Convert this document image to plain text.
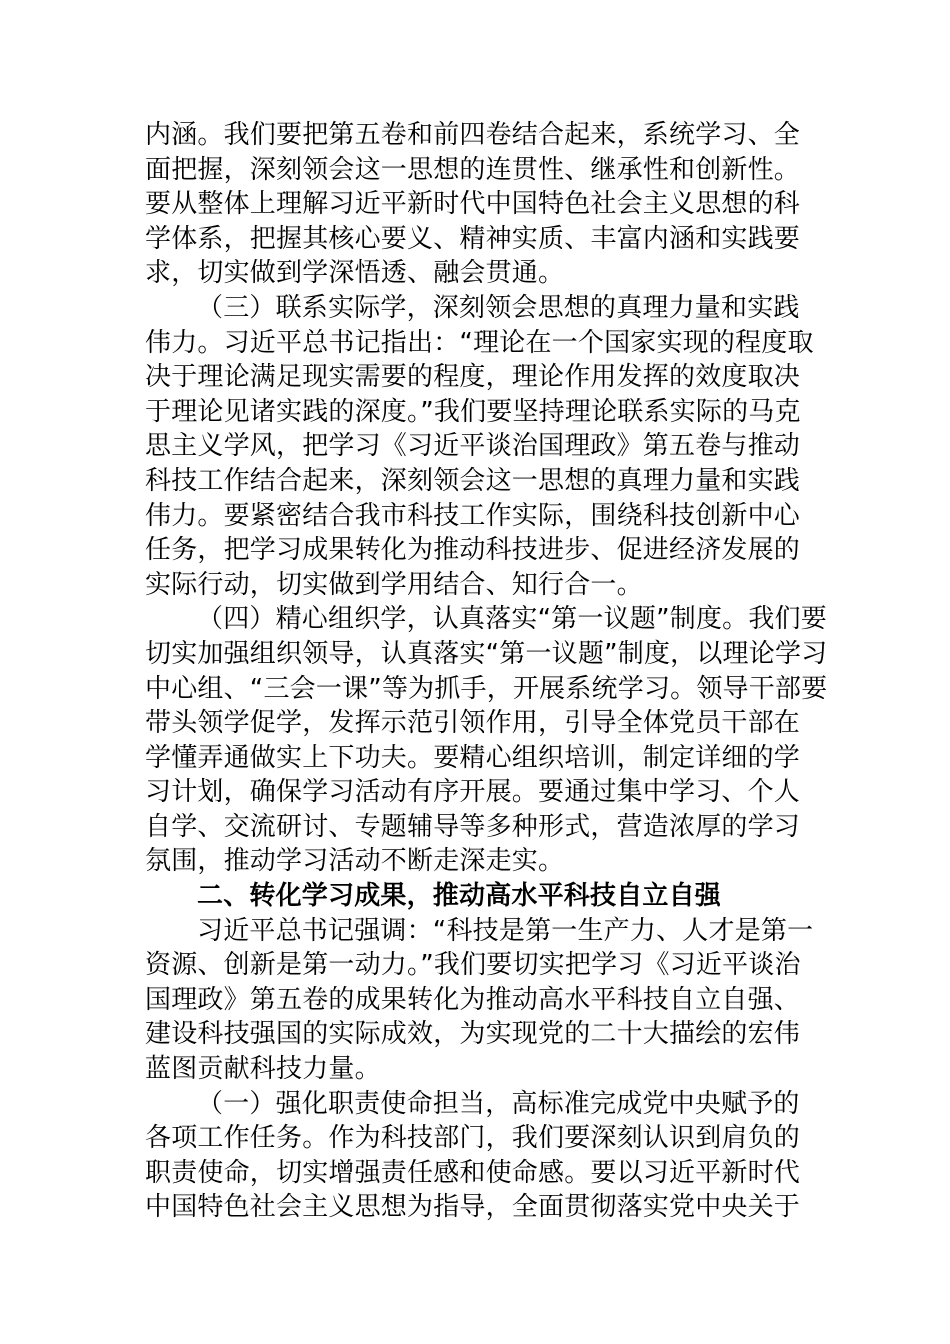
内涵。我们要把第五卷和前四卷结合起来，系统学习、全
面把握，深刻领会这一思想的连贯性、继承性和创新性。
要从整体上理解习近平新时代中国特色社会主义思想的科
学体系，把握其核心要义、精神实质、丰富内涵和实践要
求，切实做到学深悟透、融会贯通。
（三）联系实际学，深刻领会思想的真理力量和实践
伟力。习近平总书记指出：“理论在一个国家实现的程度取
决于理论满足现实需要的程度，理论作用发挥的效度取决
于理论见诸实践的深度。”我们要坚持理论联系实际的马克
思主义学风，把学习《习近平谈治国理政》第五卷与推动
科技工作结合起来，深刻领会这一思想的真理力量和实践
伟力。要紧密结合我市科技工作实际，围绕科技创新中心
任务，把学习成果转化为推动科技进步、促进经济发展的
实际行动，切实做到学用结合、知行合一。
（四）精心组织学，认真落实“第一议题”制度。我们要
切实加强组织领导，认真落实“第一议题”制度，以理论学习
中心组、“三会一课”等为抓手，开展系统学习。领导干部要
带头领学促学，发挥示范引领作用，引导全体党员干部在
学懂弄通做实上下功夫。要精心组织培训，制定详细的学
习计划，确保学习活动有序开展。要通过集中学习、个人
自学、交流研讨、专题辅导等多种形式，营造浓厚的学习
氛围，推动学习活动不断走深走实。
二、转化学习成果，推动高水平科技自立自强
习近平总书记强调：“科技是第一生产力、人才是第一
资源、创新是第一动力。”我们要切实把学习《习近平谈治
国理政》第五卷的成果转化为推动高水平科技自立自强、
建设科技强国的实际成效，为实现党的二十大描绘的宏伟
蓝图贡献科技力量。
（一）强化职责使命担当，高标准完成党中央赋予的
各项工作任务。作为科技部门，我们要深刻认识到肩负的
职责使命，切实增强责任感和使命感。要以习近平新时代
中国特色社会主义思想为指导，全面贯彻落实党中央关于
